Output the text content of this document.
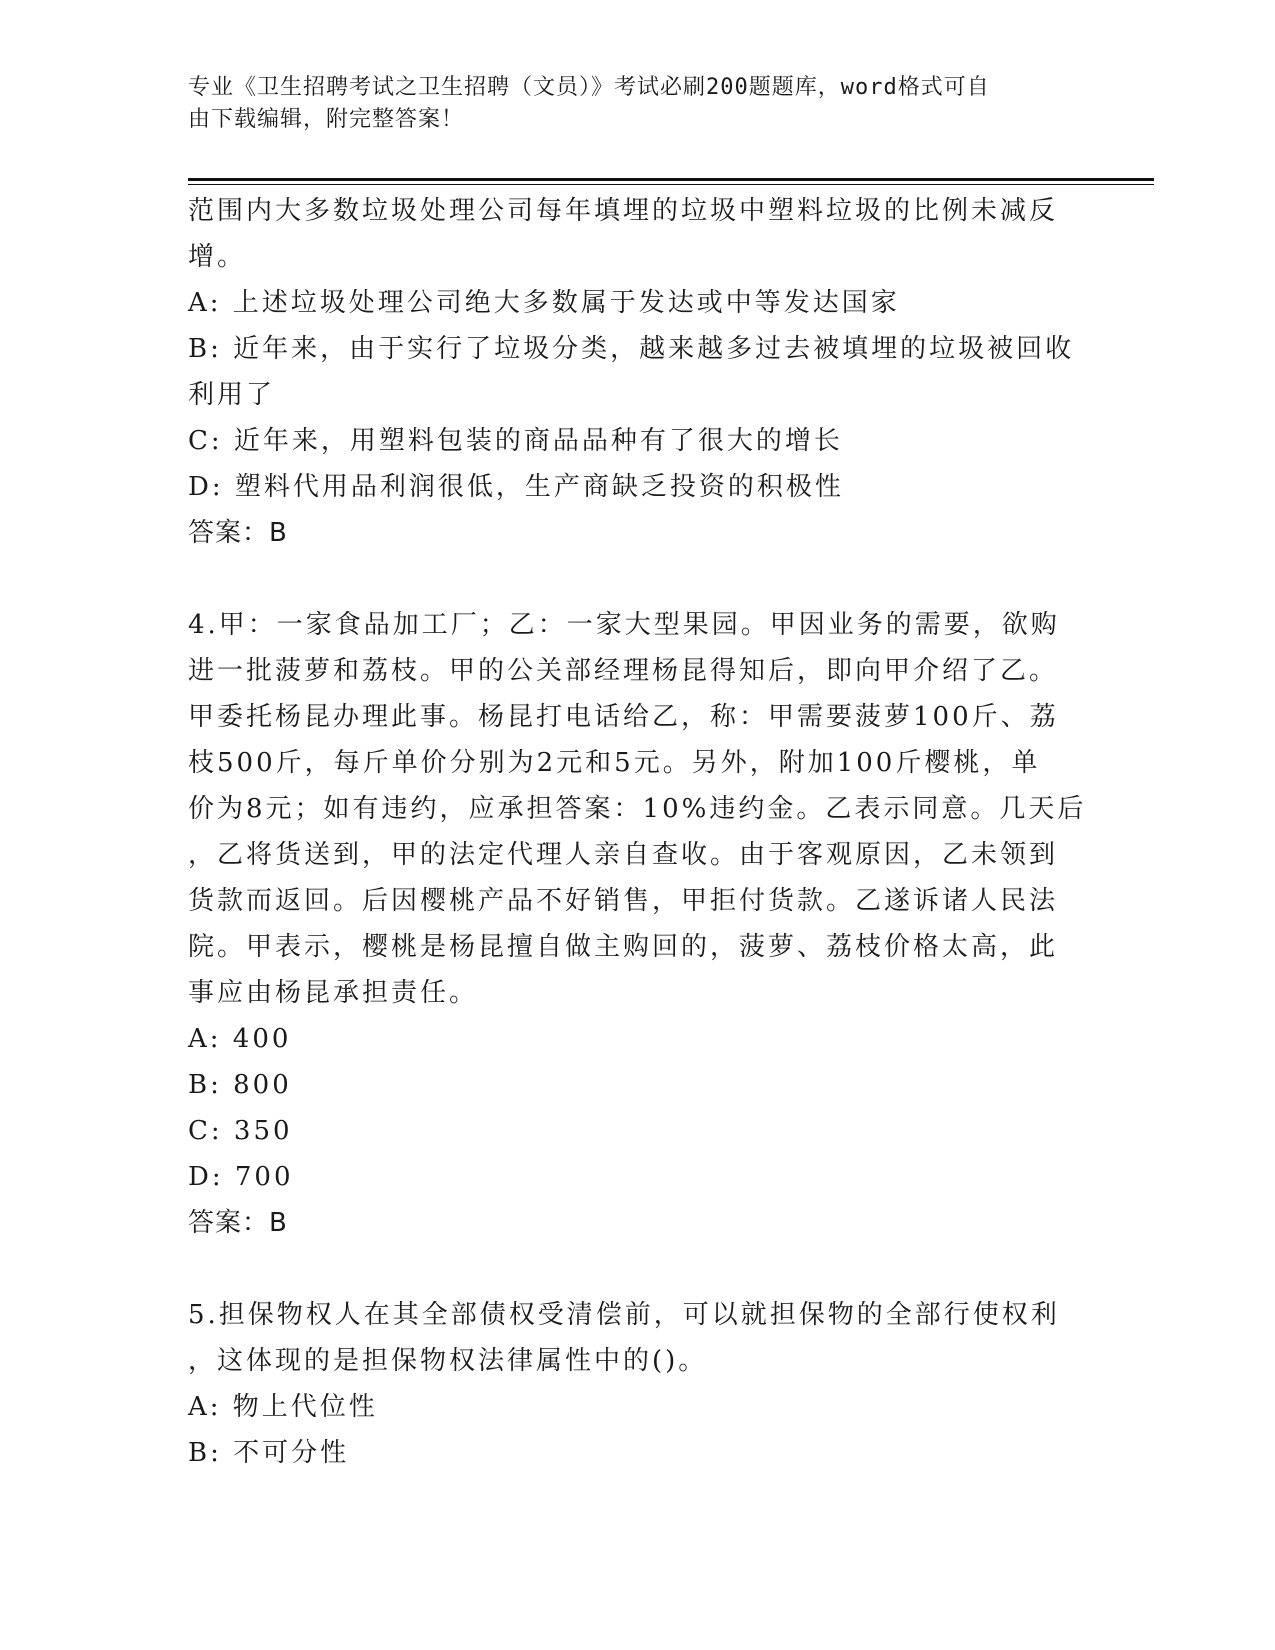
专业《卫生招聘考试之卫生招聘（文员）》考试必刷200题题库，word格式可自
由下载编辑，附完整答案！

范围内大多数垃圾处理公司每年填埋的垃圾中塑料垃圾的比例未减反

增。

A: 上述垃圾处理公司绝大多数属于发达或中等发达国家

B: 近年来，由于实行了垃圾分类，越来越多过去被填埋的垃圾被回收

利用了

C: 近年来，用塑料包装的商品品种有了很大的增长

D: 塑料代用品利润很低，生产商缺乏投资的积极性

答案：B

4.甲：一家食品加工厂；乙：一家大型果园。甲因业务的需要，欲购

进一批菠萝和荔枝。甲的公关部经理杨昆得知后，即向甲介绍了乙。

甲委托杨昆办理此事。杨昆打电话给乙，称：甲需要菠萝100斤、荔

枝500斤，每斤单价分别为2元和5元。另外，附加100斤樱桃，单

价为8元；如有违约，应承担答案：10%违约金。乙表示同意。几天后

，乙将货送到，甲的法定代理人亲自查收。由于客观原因，乙未领到

货款而返回。后因樱桃产品不好销售，甲拒付货款。乙遂诉诸人民法

院。甲表示，樱桃是杨昆擅自做主购回的，菠萝、荔枝价格太高，此

事应由杨昆承担责任。

A: 400

B: 800

C: 350

D: 700

答案：B

5.担保物权人在其全部债权受清偿前，可以就担保物的全部行使权利

，这体现的是担保物权法律属性中的()。

A: 物上代位性

B: 不可分性
